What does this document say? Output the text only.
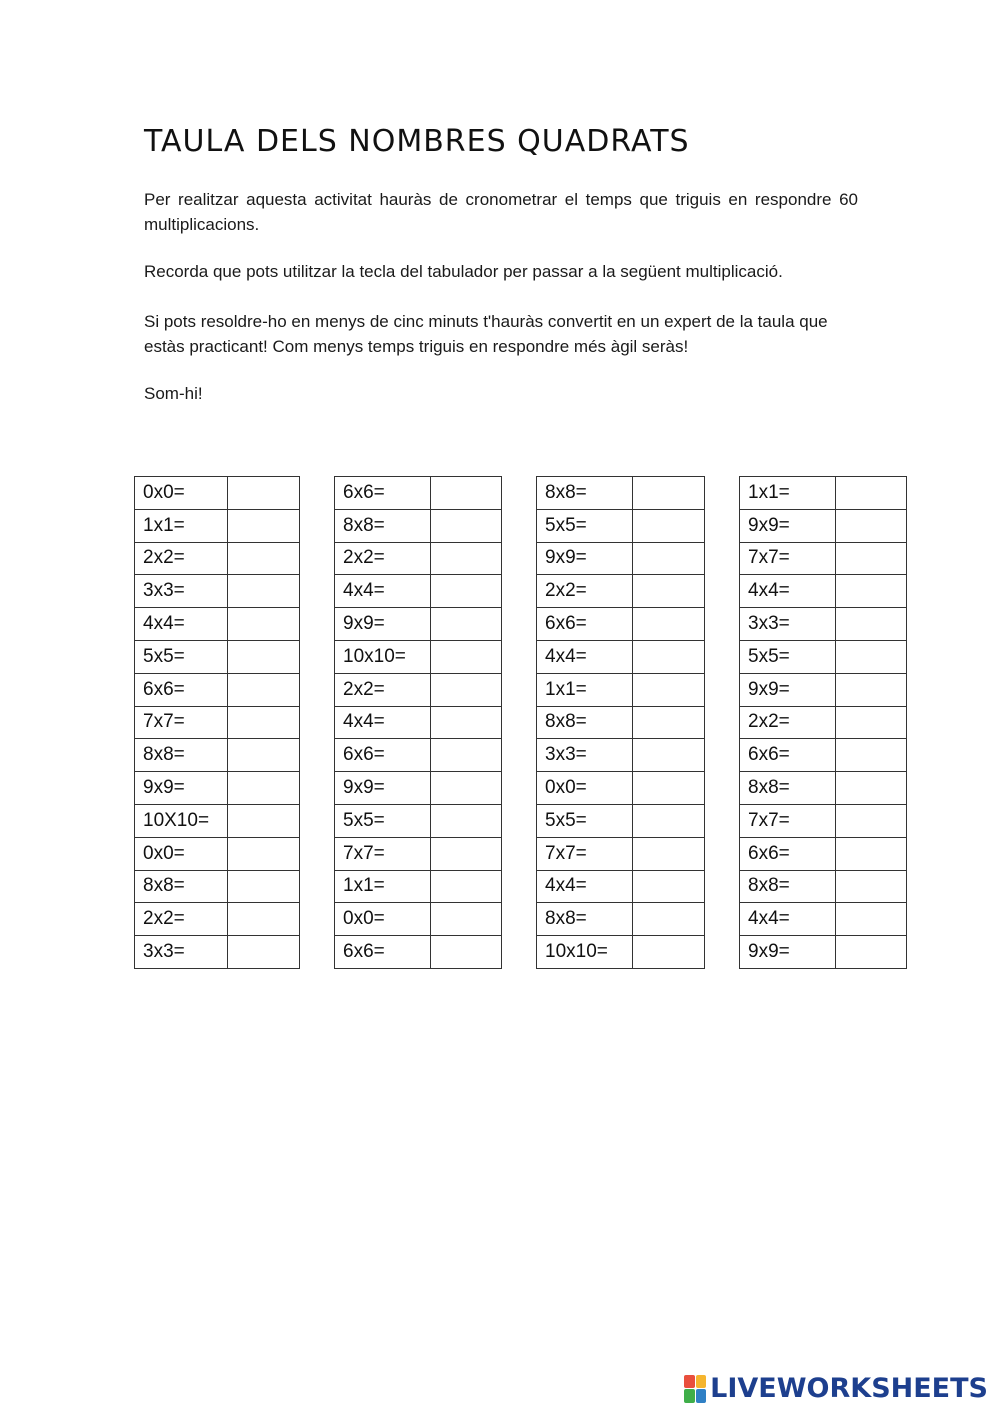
TAULA DELS NOMBRES QUADRATS

Per realitzar aquesta activitat hauràs de cronometrar el temps que triguis en respondre 60 multiplicacions.

Recorda que pots utilitzar la tecla del tabulador per passar a la següent multiplicació.

Si pots resoldre-ho en menys de cinc minuts t'hauràs convertit en un expert de la taula que estàs practicant! Com menys temps triguis en respondre més àgil seràs!

Som-hi!

0x0=	

1x1=	

2x2=	

3x3=	

4x4=	

5x5=	

6x6=	

7x7=	

8x8=	

9x9=	

10X10=	

0x0=	

8x8=	

2x2=	

3x3=	
6x6=	

8x8=	

2x2=	

4x4=	

9x9=	

10x10=	

2x2=	

4x4=	

6x6=	

9x9=	

5x5=	

7x7=	

1x1=	

0x0=	

6x6=	
8x8=	

5x5=	

9x9=	

2x2=	

6x6=	

4x4=	

1x1=	

8x8=	

3x3=	

0x0=	

5x5=	

7x7=	

4x4=	

8x8=	

10x10=	
1x1=	

9x9=	

7x7=	

4x4=	

3x3=	

5x5=	

9x9=	

2x2=	

6x6=	

8x8=	

7x7=	

6x6=	

8x8=	

4x4=	

9x9=	
LIVEWORKSHEETS
